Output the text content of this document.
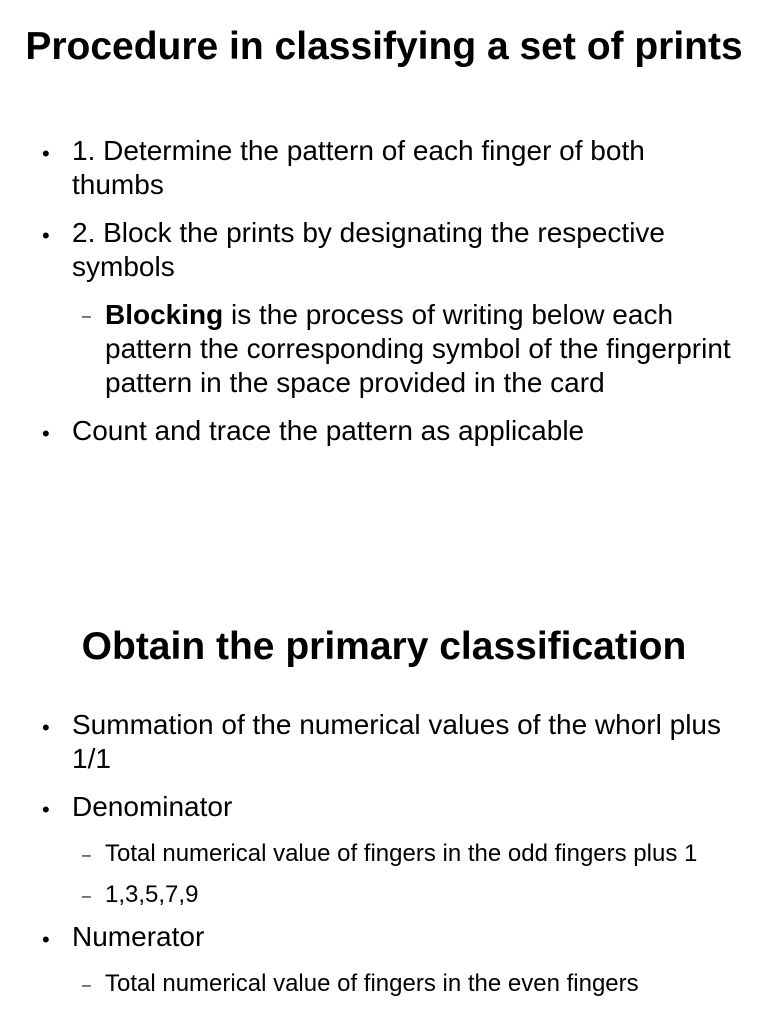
Procedure in classifying a set of prints
• 1. Determine the pattern of each finger of both thumbs
• 2. Block the prints by designating the respective symbols
– Blocking is the process of writing below each pattern the corresponding symbol of the fingerprint pattern in the space provided in the card
• Count and trace the pattern as applicable
Obtain the primary classification
• Summation of the numerical values of the whorl plus 1/1
• Denominator
– Total numerical value of fingers in the odd fingers plus 1
– 1,3,5,7,9
• Numerator
– Total numerical value of fingers in the even fingers
